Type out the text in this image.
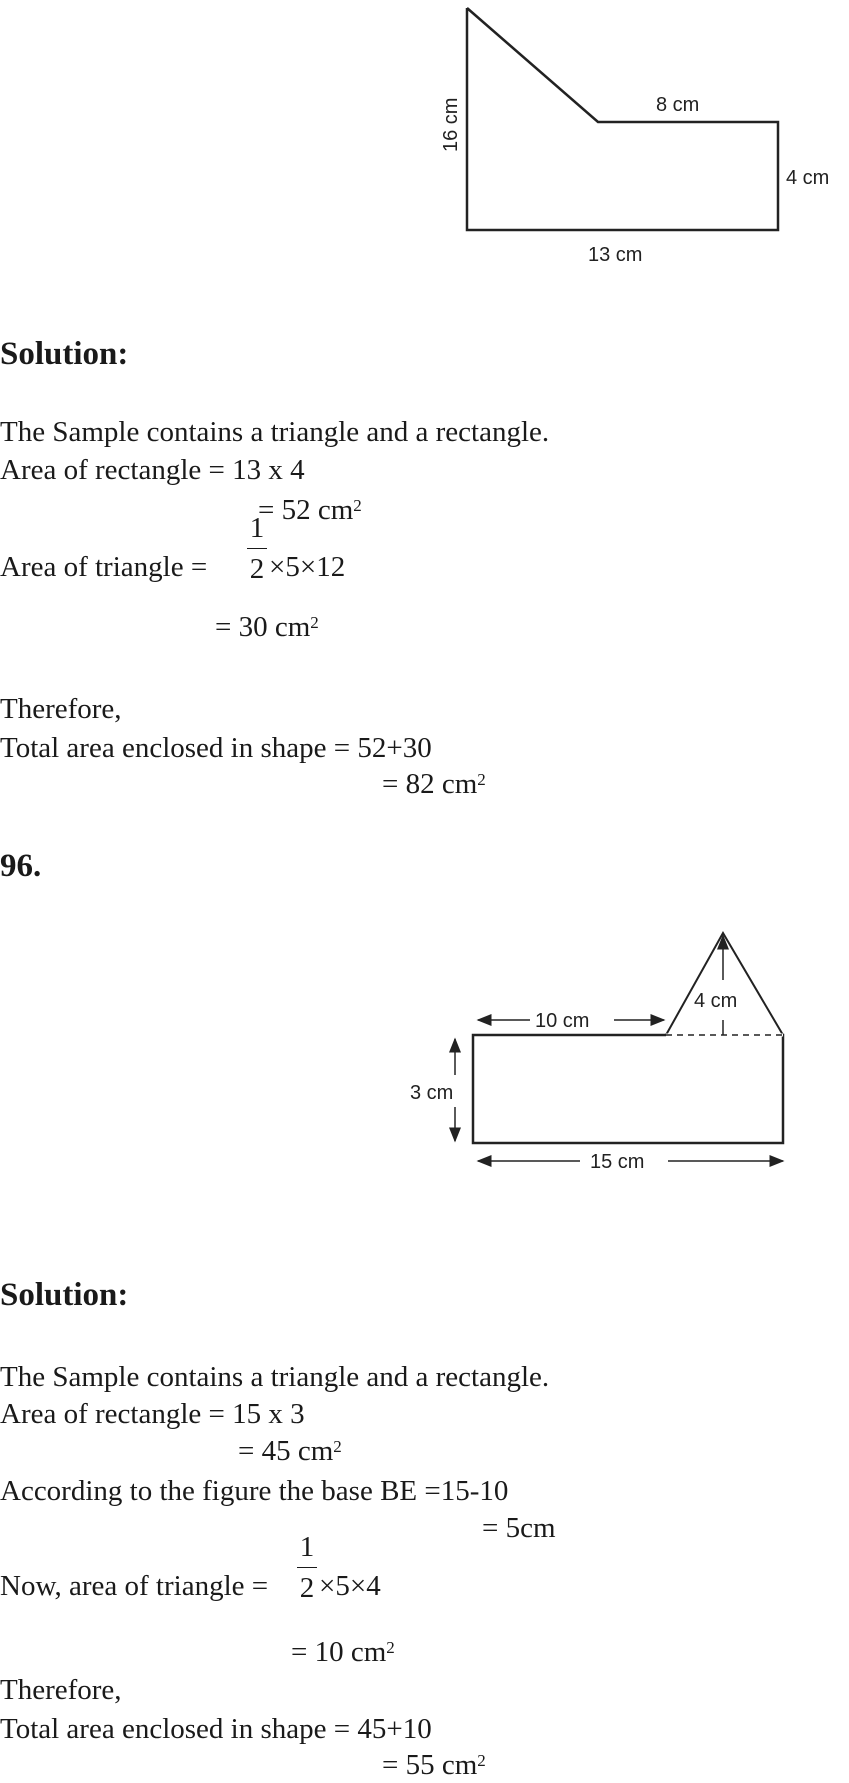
16 cm	8 cm
4 cm
13 cm
Solution:
The Sample contains a triangle and a rectangle.
Area of rectangle = 13 x 4
= 52 $cm^2$
Area of triangle =
1
2 ×5×12
= 30 $cm^2$
Therefore,
Total area enclosed in shape = 52+30
= 82 $cm^2$
96.
4 cm
10 cm
3 cm
15 cm
Solution:
The Sample contains a triangle and a rectangle.
Area of rectangle = 15 x 3
= 45 $cm^2$
According to the figure the base BE =15-10
= 5cm
Now, area of triangle =
1
2 ×5×4
= 10 $cm^2$
Therefore,
Total area enclosed in shape = 45+10
= 55 $cm^2$
